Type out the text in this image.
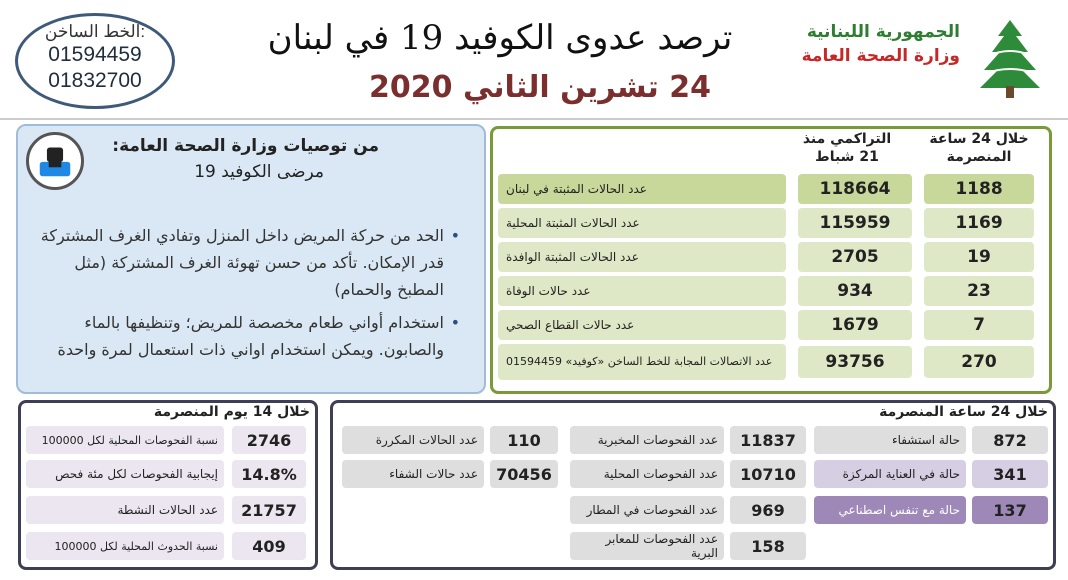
الخط الساخن:
01594459
01832700
ترصد عدوى الكوفيد 19 في لبنان
24 تشرين الثاني 2020
الجمهورية اللبنانية
وزارة الصحة العامة
من توصيات وزارة الصحة العامة:
مرضى الكوفيد 19
• الحد من حركة المريض داخل المنزل وتفادي الغرف المشتركة قدر الإمكان. تأكد من حسن تهوئة الغرف المشتركة (مثل المطبخ والحمام)
• استخدام أواني طعام مخصصة للمريض؛ وتنظيفها بالماء والصابون. ويمكن استخدام اواني ذات استعمال لمرة واحدة
خلال 24 ساعة المنصرمة
التراكمي منذ 21 شباط
عدد الحالات المثبتة في لبنان	118664	1188
عدد الحالات المثبتة المحلية	115959	1169
عدد الحالات المثبتة الوافدة	2705	19
عدد حالات الوفاة	934	23
عدد حالات القطاع الصحي	1679	7
عدد الاتصالات المجابة للخط الساخن «كوفيد» 01594459	93756	270
خلال 14 يوم المنصرمة
2746
نسبة الفحوصات المحلية لكل 100000
14.8%
إيجابية الفحوصات لكل مئة فحص
21757
عدد الحالات النشطة
409
نسبة الحدوث المحلية لكل 100000
خلال 24 ساعة المنصرمة
872
حالة استشفاء
341
حالة في العناية المركزة
137
حالة مع تنفس اصطناعي
11837
عدد الفحوصات المخبرية
10710
عدد الفحوصات المحلية
969
عدد الفحوصات في المطار
158
عدد الفحوصات للمعابر البرية
110
عدد الحالات المكررة
70456
عدد حالات الشفاء
